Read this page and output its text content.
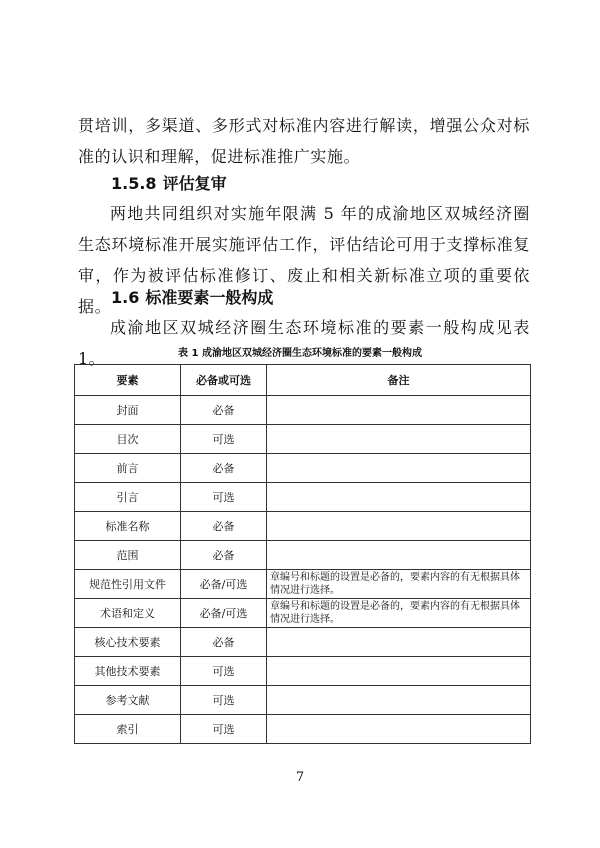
贯培训，多渠道、多形式对标准内容进行解读，增强公众对标准的认识和理解，促进标准推广实施。

1.5.8 评估复审

两地共同组织对实施年限满 5 年的成渝地区双城经济圈生态环境标准开展实施评估工作，评估结论可用于支撑标准复审，作为被评估标准修订、废止和相关新标准立项的重要依据。 1.6 标准要素一般构成

成渝地区双城经济圈生态环境标准的要素一般构成见表 1。	表 1 成渝地区双城经济圈生态环境标准的要素一般构成
要素	必备或可选	备注
封面	必备	
目次	可选	
前言	必备	
引言	可选	
标准名称	必备	
范围	必备	
规范性引用文件	必备/可选	章编号和标题的设置是必备的，要素内容的有无根据具体情况进行选择。
术语和定义	必备/可选	章编号和标题的设置是必备的，要素内容的有无根据具体情况进行选择。
核心技术要素	必备	
其他技术要素	可选	
参考文献	可选	
索引	可选	
7
